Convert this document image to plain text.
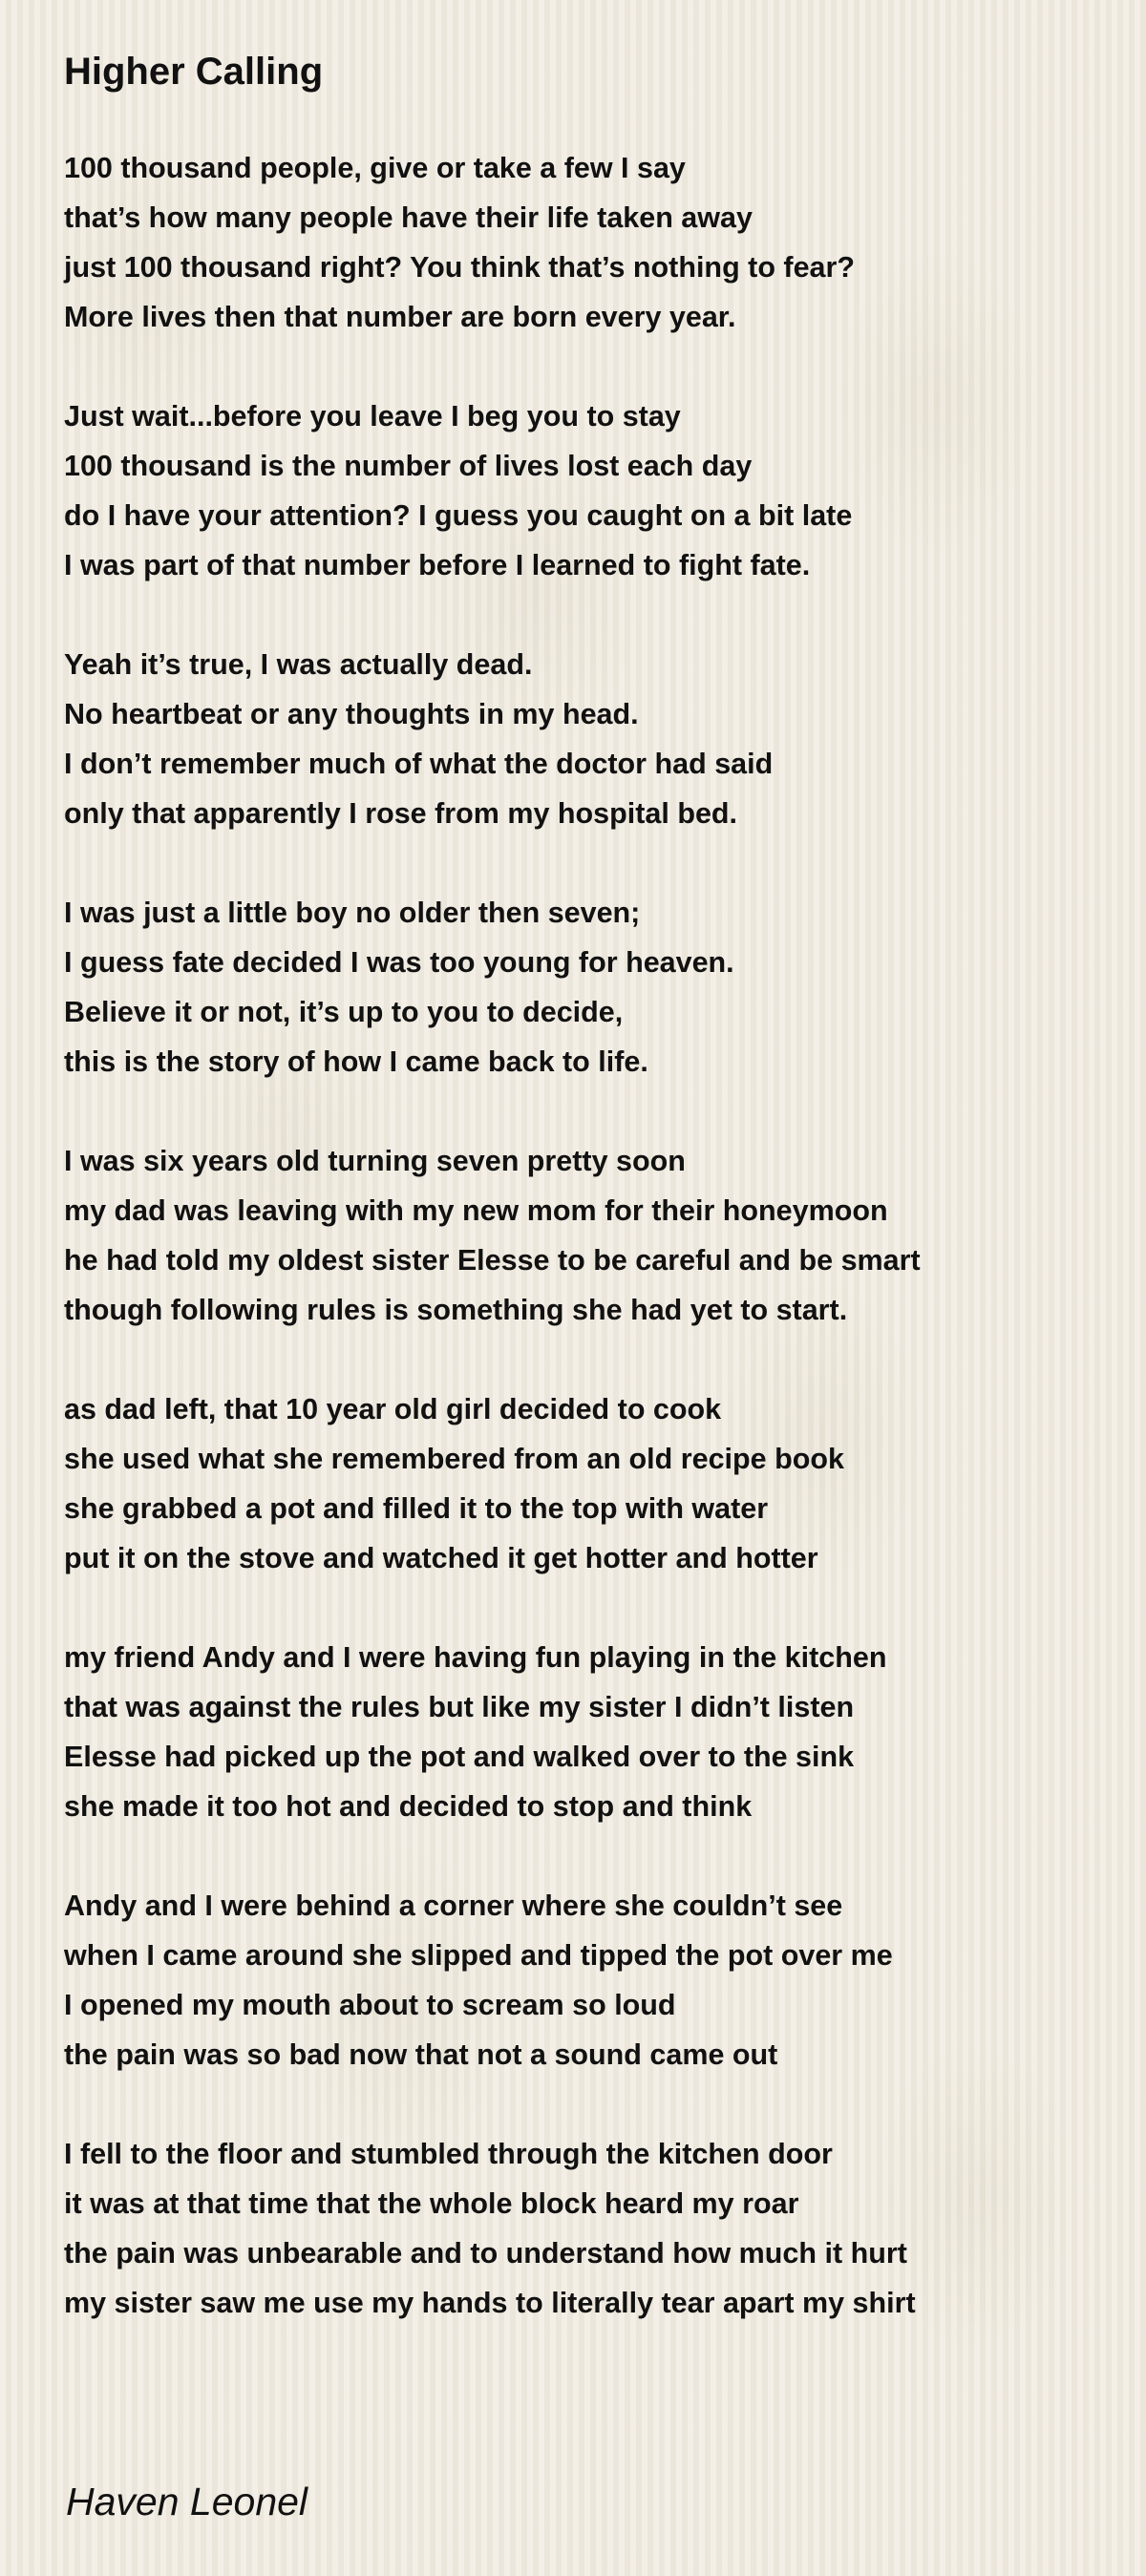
Higher Calling
100 thousand people, give or take a few I say
that’s how many people have their life taken away
just 100 thousand right? You think that’s nothing to fear?
More lives then that number are born every year.
Just wait...before you leave I beg you to stay
100 thousand is the number of lives lost each day
do I have your attention? I guess you caught on a bit late
I was part of that number before I learned to fight fate.
Yeah it’s true, I was actually dead.
No heartbeat or any thoughts in my head.
I don’t remember much of what the doctor had said
only that apparently I rose from my hospital bed.
I was just a little boy no older then seven;
I guess fate decided I was too young for heaven.
Believe it or not, it’s up to you to decide,
this is the story of how I came back to life.
I was six years old turning seven pretty soon
my dad was leaving with my new mom for their honeymoon
he had told my oldest sister Elesse to be careful and be smart
though following rules is something she had yet to start.
as dad left, that 10 year old girl decided to cook
she used what she remembered from an old recipe book
she grabbed a pot and filled it to the top with water
put it on the stove and watched it get hotter and hotter
my friend Andy and I were having fun playing in the kitchen
that was against the rules but like my sister I didn’t listen
Elesse had picked up the pot and walked over to the sink
she made it too hot and decided to stop and think
Andy and I were behind a corner where she couldn’t see
when I came around she slipped and tipped the pot over me
I opened my mouth about to scream so loud
the pain was so bad now that not a sound came out
I fell to the floor and stumbled through the kitchen door
it was at that time that the whole block heard my roar
the pain was unbearable and to understand how much it hurt
my sister saw me use my hands to literally tear apart my shirt

Haven Leonel
